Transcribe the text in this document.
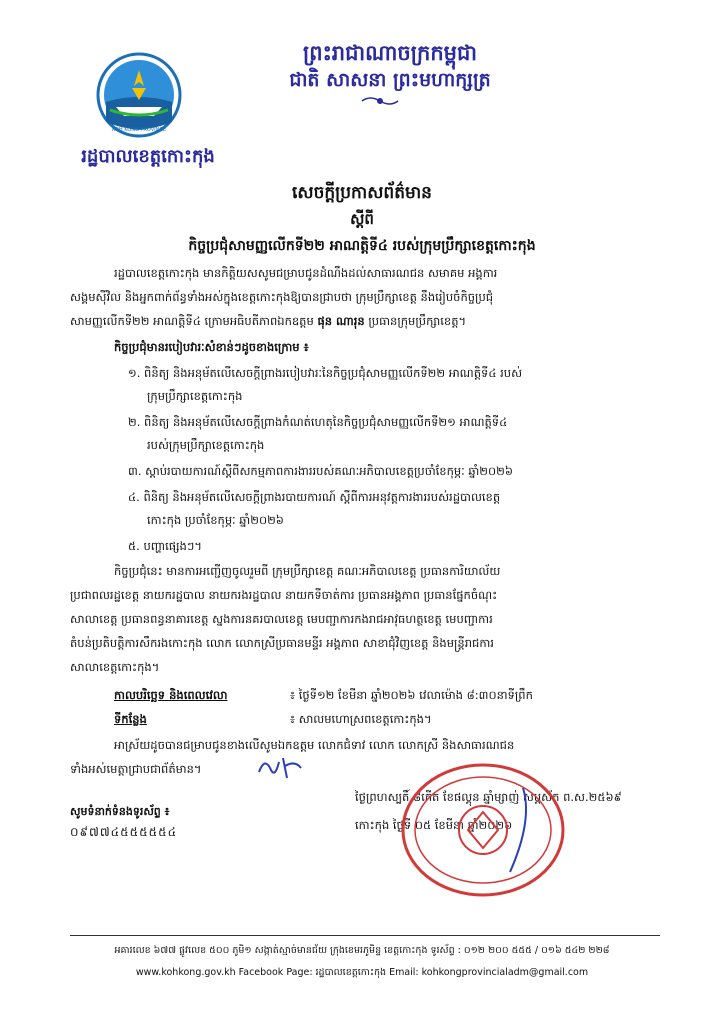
ព្រះរាជាណាចក្រកម្ពុជា
ជាតិ សាសនា ព្រះមហាក្សត្រ
KOH KONG PROVINCE
រដ្ឋបាលខេត្តកោះកុង
សេចក្តីប្រកាសព័ត៌មាន
ស្តីពី
កិច្ចប្រជុំសាមញ្ញលើកទី២២ អាណត្តិទី៤ របស់ក្រុមប្រឹក្សាខេត្តកោះកុង
រដ្ឋបាលខេត្តកោះកុង មានកិត្តិយសសូមជម្រាបជូនដំណឹងដល់សាធារណជន សមាគម អង្គការ
សង្គមស៊ីវិល និងអ្នកពាក់ព័ន្ធទាំងអស់ក្នុងខេត្តកោះកុងឱ្យបានជ្រាបថា ក្រុមប្រឹក្សាខេត្ត នឹងរៀបចំកិច្ចប្រជុំ
សាមញ្ញលើកទី២២ អាណត្តិទី៤ ក្រោមអធិបតីភាពឯកឧត្តម ផុន ណារុន ប្រធានក្រុមប្រឹក្សាខេត្ត។
កិច្ចប្រជុំមានរបៀបវារៈសំខាន់ៗដូចខាងក្រោម ៖
១. ពិនិត្យ និងអនុម័តលើសេចក្តីព្រាងរបៀបវារៈនៃកិច្ចប្រជុំសាមញ្ញលើកទី២២ អាណត្តិទី៤ របស់
ក្រុមប្រឹក្សាខេត្តកោះកុង
២. ពិនិត្យ និងអនុម័តលើសេចក្តីព្រាងកំណត់ហេតុនៃកិច្ចប្រជុំសាមញ្ញលើកទី២១ អាណត្តិទី៤
របស់ក្រុមប្រឹក្សាខេត្តកោះកុង
៣. ស្តាប់របាយការណ៍ស្តីពីសកម្មភាពការងាររបស់គណៈអភិបាលខេត្តប្រចាំខែកុម្ភៈ ឆ្នាំ២០២៦
៤. ពិនិត្យ និងអនុម័តលើសេចក្តីព្រាងរបាយការណ៍ ស្តីពីការអនុវត្តការងាររបស់រដ្ឋបាលខេត្ត
កោះកុង ប្រចាំខែកុម្ភៈ ឆ្នាំ២០២៦
៥. បញ្ហាផ្សេងៗ។
កិច្ចប្រជុំនេះ មានការអញ្ជើញចូលរួមពី ក្រុមប្រឹក្សាខេត្ត គណៈអភិបាលខេត្ត ប្រធានការិយាល័យ
ប្រជាពលរដ្ឋខេត្ត នាយករដ្ឋបាល នាយករងរដ្ឋបាល នាយកទីចាត់ការ ប្រធានអង្គភាព ប្រធានផ្នែកចំណុះ
សាលាខេត្ត ប្រធានពន្ធនាគារខេត្ត ស្នងការនគរបាលខេត្ត មេបញ្ជាការកងរាជអាវុធហត្ថខេត្ត មេបញ្ជាការ
តំបន់ប្រតិបត្តិការសឹករងកោះកុង លោក លោកស្រីប្រធានមន្ទីរ អង្គភាព សាខាជុំវិញខេត្ត និងមន្ត្រីរាជការ
សាលាខេត្តកោះកុង។
កាលបរិច្ឆេទ និងពេលវេលា	៖ ថ្ងៃទី១២ ខែមីនា ឆ្នាំ២០២៦ វេលាម៉ោង ៨:៣០នាទីព្រឹក
ទីកន្លែង	៖ សាលមហោស្រពខេត្តកោះកុង។
អាស្រ័យដូចបានជម្រាបជូនខាងលើសូមឯកឧត្តម លោកជំទាវ លោក លោកស្រី និងសាធារណជន
ទាំងអស់មេត្តាជ្រាបជាព័ត៌មាន។
ថ្ងៃព្រហស្បតិ៍ ៨កើត ខែផល្គុន ឆ្នាំម្សាញ់ សប្តស័ក ព.ស.២៥៦៩
កោះកុង ថ្ងៃទី ០៥ ខែមីនា ឆ្នាំ២០២៦
សូមទំនាក់ទំនងទូរស័ព្ទ ៖
០៩៧៧៤៥៥៥៥៥៤
អគារលេខ ៦៧៧ ផ្លូវលេខ ៥០០ ភូមិ១ សង្កាត់ស្មាច់មានជ័យ ក្រុងខេមរភូមិន្ទ ខេត្តកោះកុង ទូរស័ព្ទ : ០១២ ២០០ ៥៥៥ / ០១៦ ៥៤២ ២២៨
www.kohkong.gov.kh Facebook Page: រដ្ឋបាលខេត្តកោះកុង Email: kohkongprovincialadm@gmail.com
